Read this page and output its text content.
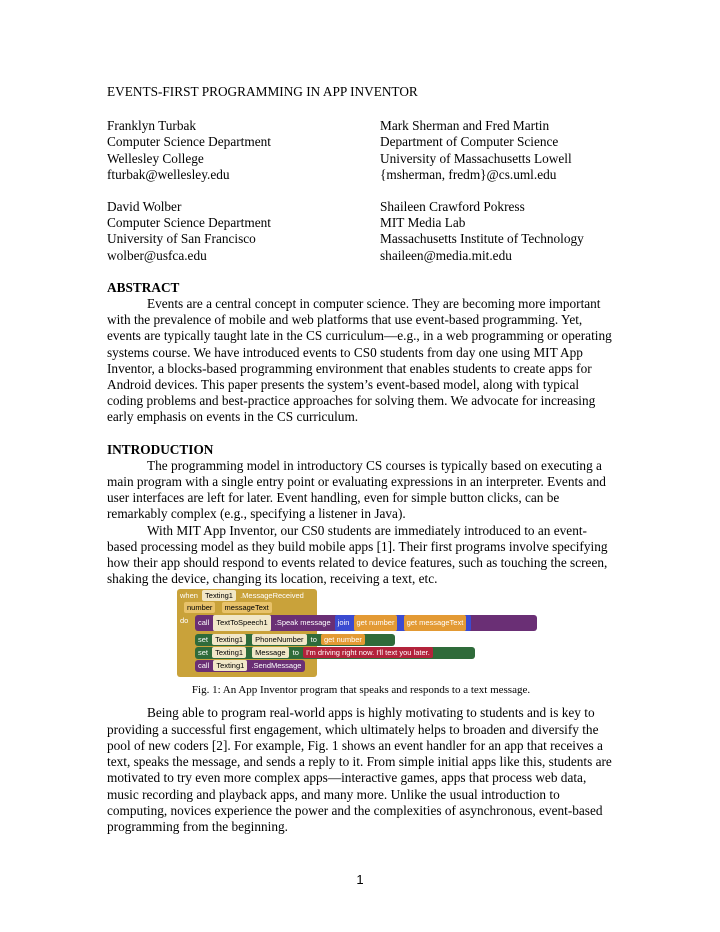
EVENTS-FIRST PROGRAMMING IN APP INVENTOR
Franklyn Turbak
Computer Science Department
Wellesley College
fturbak@wellesley.edu
Mark Sherman and Fred Martin
Department of Computer Science
University of Massachusetts Lowell
{msherman, fredm}@cs.uml.edu
David Wolber
Computer Science Department
University of San Francisco
wolber@usfca.edu
Shaileen Crawford Pokress
MIT Media Lab
Massachusetts Institute of Technology
shaileen@media.mit.edu
ABSTRACT

Events are a central concept in computer science. They are becoming more important with the prevalence of mobile and web platforms that use event-based programming. Yet, events are typically taught late in the CS curriculum—e.g., in a web programming or operating systems course. We have introduced events to CS0 students from day one using MIT App Inventor, a blocks-based programming environment that enables students to create apps for Android devices. This paper presents the system’s event-based model, along with typical coding problems and best-practice approaches for solving them. We advocate for increasing early emphasis on events in the CS curriculum.

INTRODUCTION

The programming model in introductory CS courses is typically based on executing a main program with a single entry point or evaluating expressions in an interpreter. Events and user interfaces are left for later. Event handling, even for simple button clicks, can be remarkably complex (e.g., specifying a listener in Java).

With MIT App Inventor, our CS0 students are immediately introduced to an event-based processing model as they build mobile apps [1]. Their first programs involve specifying how their app should respond to events related to device features, such as touching the screen, shaking the device, changing its location, receiving a text, etc.

when Texting1 .MessageReceived
number messageText
do	call TextToSpeech1 .Speak message join get number get messageText
set Texting1 PhoneNumber to get number
set Texting1 Message to I'm driving right now. I'll text you later.
call Texting1 .SendMessage
Fig. 1: An App Inventor program that speaks and responds to a text message.

Being able to program real-world apps is highly motivating to students and is key to providing a successful first engagement, which ultimately helps to broaden and diversify the pool of new coders [2]. For example, Fig. 1 shows an event handler for an app that receives a text, speaks the message, and sends a reply to it. From simple initial apps like this, students are motivated to try even more complex apps—interactive games, apps that process web data, music recording and playback apps, and many more. Unlike the usual introduction to computing, novices experience the power and the complexities of asynchronous, event-based programming from the beginning.

1
